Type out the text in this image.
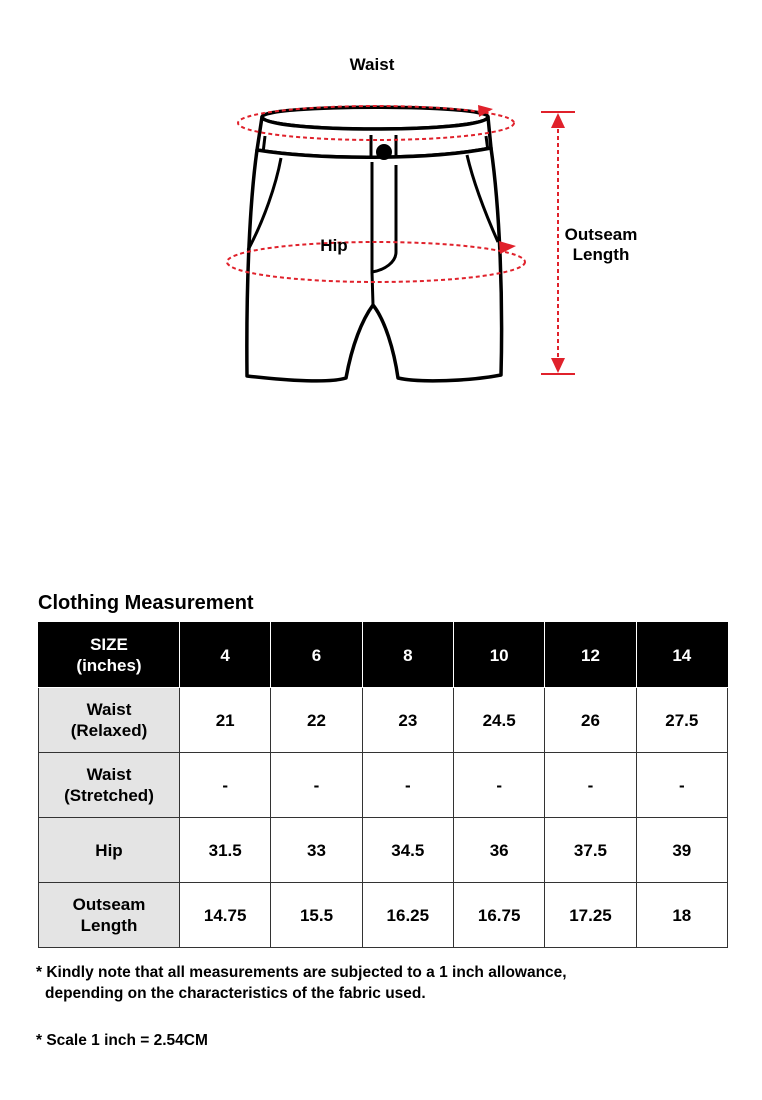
Waist
Hip
Outseam
Length
Clothing Measurement
SIZE
(inches)	4	6	8	10	12	14
Waist
(Relaxed)	21	22	23	24.5	26	27.5
Waist
(Stretched)	-	-	-	-	-	-
Hip	31.5	33	34.5	36	37.5	39
Outseam
Length	14.75	15.5	16.25	16.75	17.25	18

* Kindly note that all measurements are subjected to a 1 inch allowance,
depending on the characteristics of the fabric used.

* Scale 1 inch = 2.54CM
